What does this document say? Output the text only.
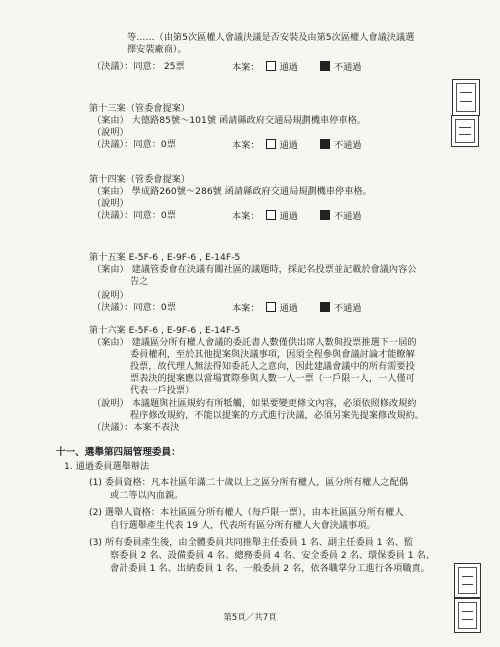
等……（由第5次區權人會議決議是否安裝及由第5次區權人會議決議選
擇安裝廠商）。
（決議）：同意： 25票	本案： 通過	不通過
第十三案（管委會提案）
（案由） 大德路85號～101號 函請縣政府交通局規劃機車停車格。
（說明）
（決議）：同意：0票	本案： 通過	不通過
第十四案（管委會提案）
（案由） 學成路260號～286號 函請縣政府交通局規劃機車停車格。
（說明）
（決議）：同意：0票	本案： 通過	不通過
第十五案 E-5F-6 , E-9F-6 , E-14F-5
（案由） 建議管委會在決議有關社區的議題時，採記名投票並記載於會議內容公
告之
（說明）
（決議）：同意：0票	本案： 通過	不通過
第十六案 E-5F-6 , E-9F-6 , E-14F-5
（案由） 建議區分所有權人會議的委託書人數僅供出席人數與投票推選下一屆的
委員權利，至於其他提案與決議事項，因須全程參與會議討論才能瞭解
投票，故代理人無法得知委託人之意向，因此建議會議中的所有需要投
票表決的提案應以當場實際參與人數一人一票（一戶限一人，一人僅可
代表一戶投票）
（說明） 本議題與社區規約有所牴觸，如果要變更條文內容，必須依照修改規約
程序修改規約，不能以提案的方式進行決議，必須另案先提案修改規約。
（決議）：本案不表決
十一、選舉第四屆管理委員：
1. 通過委員選舉辦法
(1) 委員資格：凡本社區年滿二十歲以上之區分所有權人，區分所有權人之配偶
或二等以內血親。
(2) 選舉人資格：本社區區分所有權人（每戶限一票），由本社區區分所有權人
自行選舉產生代表 19 人，代表所有區分所有權人大會決議事項。
(3) 所有委員產生後，由全體委員共同推舉主任委員 1 名、副主任委員 1 名、監
察委員 2 名、設備委員 4 名、總務委員 4 名、安全委員 2 名、環保委員 1 名、
會計委員 1 名、出納委員 1 名、一般委員 2 名，依各職掌分工進行各項職責。
第5頁／共7頁
